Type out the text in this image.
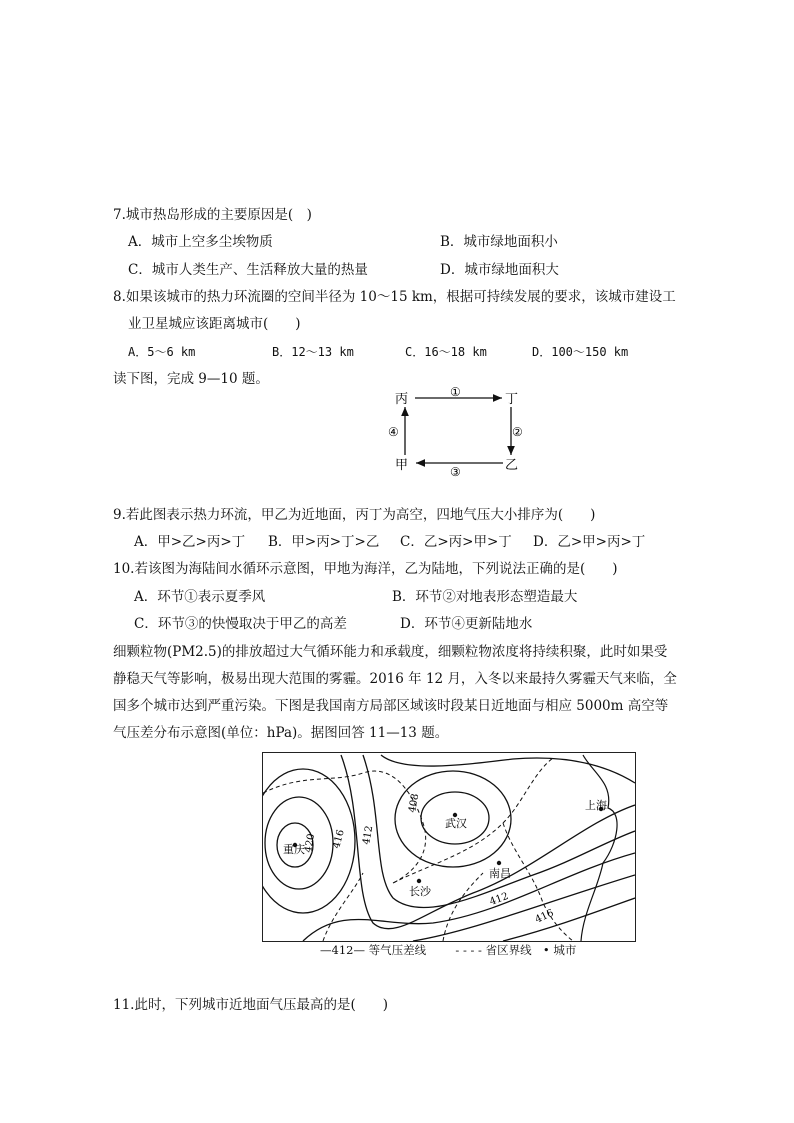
7.城市热岛形成的主要原因是(　)
A．城市上空多尘埃物质	B．城市绿地面积小
C．城市人类生产、生活释放大量的热量	D．城市绿地面积大
8.如果该城市的热力环流圈的空间半径为 10～15 km，根据可持续发展的要求，该城市建设工
业卫星城应该距离城市(　　)
A．5～6 km	B．12～13 km	C．16～18 km	D．100～150 km
读下图，完成 9—10 题。
丙	丁
甲	乙
①
②
③
④
9.若此图表示热力环流，甲乙为近地面，丙丁为高空，四地气压大小排序为(　　)
A．甲>乙>丙>丁 B．甲>丙>丁>乙 C．乙>丙>甲>丁 D．乙>甲>丙>丁
10.若该图为海陆间水循环示意图，甲地为海洋，乙为陆地，下列说法正确的是(　　)
A．环节①表示夏季风	B．环节②对地表形态塑造最大
C．环节③的快慢取决于甲乙的高差	D．环节④更新陆地水
细颗粒物(PM2.5)的排放超过大气循环能力和承载度，细颗粒物浓度将持续积聚，此时如果受
静稳天气等影响，极易出现大范围的雾霾。2016 年 12 月，入冬以来最持久雾霾天气来临，全
国多个城市达到严重污染。下图是我国南方局部区域该时段某日近地面与相应 5000m 高空等
气压差分布示意图(单位：hPa)。据图回答 11—13 题。
重庆
武汉
长沙
南昌
上海
420 416 412
408
412
416
—412— 等气压差线	- - - - 省区界线 • 城市
11.此时，下列城市近地面气压最高的是(　　)
